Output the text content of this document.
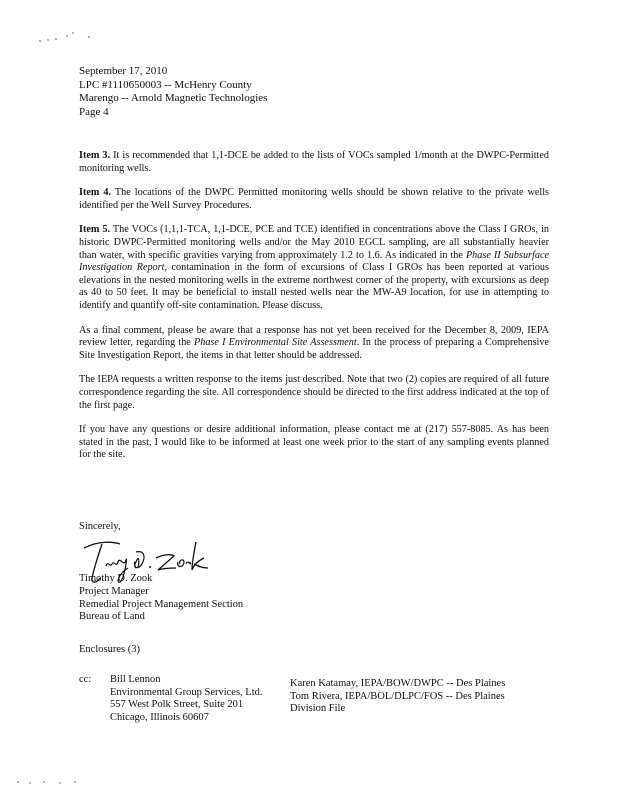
September 17, 2010
LPC #1110650003 -- McHenry County
Marengo -- Arnold Magnetic Technologies
Page 4

Item 3. It is recommended that 1,1-DCE be added to the lists of VOCs sampled 1/month at the DWPC-Permitted monitoring wells.

Item 4. The locations of the DWPC Permitted monitoring wells should be shown relative to the private wells identified per the Well Survey Procedures.

Item 5. The VOCs (1,1,1-TCA, 1,1-DCE, PCE and TCE) identified in concentrations above the Class I GROs, in historic DWPC-Permitted monitoring wells and/or the May 2010 EGCL sampling, are all substantially heavier than water, with specific gravities varying from approximately 1.2 to 1.6. As indicated in the Phase II Subsurface Investigation Report, contamination in the form of excursions of Class I GROs has been reported at various elevations in the nested monitoring wells in the extreme northwest corner of the property, with excursions as deep as 40 to 50 feet. It may be beneficial to install nested wells near the MW-A9 location, for use in attempting to identify and quantify off-site contamination. Please discuss.

As a final comment, please be aware that a response has not yet been received for the December 8, 2009, IEPA review letter, regarding the Phase I Environmental Site Assessment. In the process of preparing a Comprehensive Site Investigation Report, the items in that letter should be addressed.

The IEPA requests a written response to the items just described. Note that two (2) copies are required of all future correspondence regarding the site. All correspondence should be directed to the first address indicated at the top of the first page.

If you have any questions or desire additional information, please contact me at (217) 557-8085. As has been stated in the past, I would like to be informed at least one week prior to the start of any sampling events planned for the site.

Sincerely,
Timothy D. Zook
Project Manager
Remedial Project Management Section
Bureau of Land
Enclosures (3)
cc: Bill Lennon
Environmental Group Services, Ltd.
557 West Polk Street, Suite 201
Chicago, Illinois 60607
Karen Katamay, IEPA/BOW/DWPC -- Des Plaines
Tom Rivera, IEPA/BOL/DLPC/FOS -- Des Plaines
Division File
